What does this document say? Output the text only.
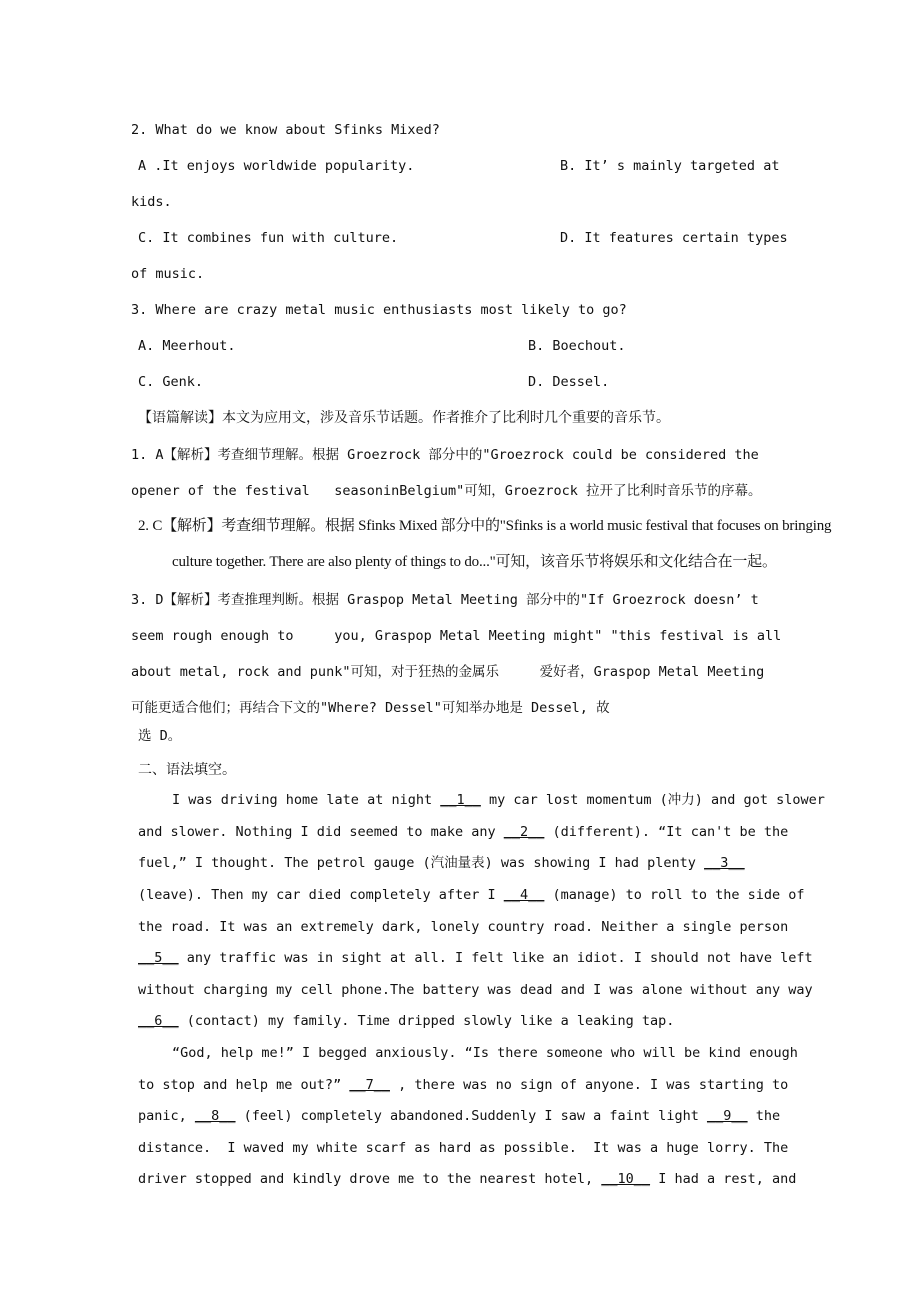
2. What do we know about Sfinks Mixed?
A .It enjoys worldwide popularity.	B. It’ s mainly targeted at
kids.
C. It combines fun with culture.	D. It features certain types
of music.
3. Where are crazy metal music enthusiasts most likely to go?
A. Meerhout.	B. Boechout.
C. Genk.	D. Dessel.
【语篇解读】本文为应用文，涉及音乐节话题。作者推介了比利时几个重要的音乐节。
1. A【解析】考查细节理解。根据 Groezrock 部分中的"Groezrock could be considered the
opener of the festival   seasoninBelgium"可知，Groezrock 拉开了比利时音乐节的序幕。
2. C【解析】考查细节理解。根据 Sfinks Mixed 部分中的"Sfinks is a world music festival that focuses on bringing
culture together. There are also plenty of things to do..."可知，该音乐节将娱乐和文化结合在一起。
3. D【解析】考查推理判断。根据 Graspop Metal Meeting 部分中的"If Groezrock doesn’ t
seem rough enough to     you, Graspop Metal Meeting might" "this festival is all
about metal, rock and punk"可知，对于狂热的金属乐     爱好者，Graspop Metal Meeting
可能更适合他们；再结合下文的"Where? Dessel"可知举办地是 Dessel, 故
选 D。
二、语法填空。
I was driving home late at night __1__ my car lost momentum (冲力) and got slower
and slower. Nothing I did seemed to make any __2__ (different). “It can't be the
fuel,” I thought. The petrol gauge (汽油量表) was showing I had plenty __3__
(leave). Then my car died completely after I __4__ (manage) to roll to the side of
the road. It was an extremely dark, lonely country road. Neither a single person
__5__ any traffic was in sight at all. I felt like an idiot. I should not have left
without charging my cell phone.The battery was dead and I was alone without any way
__6__ (contact) my family. Time dripped slowly like a leaking tap.
“God, help me!” I begged anxiously. “Is there someone who will be kind enough
to stop and help me out?” __7__ , there was no sign of anyone. I was starting to
panic, __8__ (feel) completely abandoned.Suddenly I saw a faint light __9__ the
distance.  I waved my white scarf as hard as possible.  It was a huge lorry. The
driver stopped and kindly drove me to the nearest hotel, __10__ I had a rest, and
